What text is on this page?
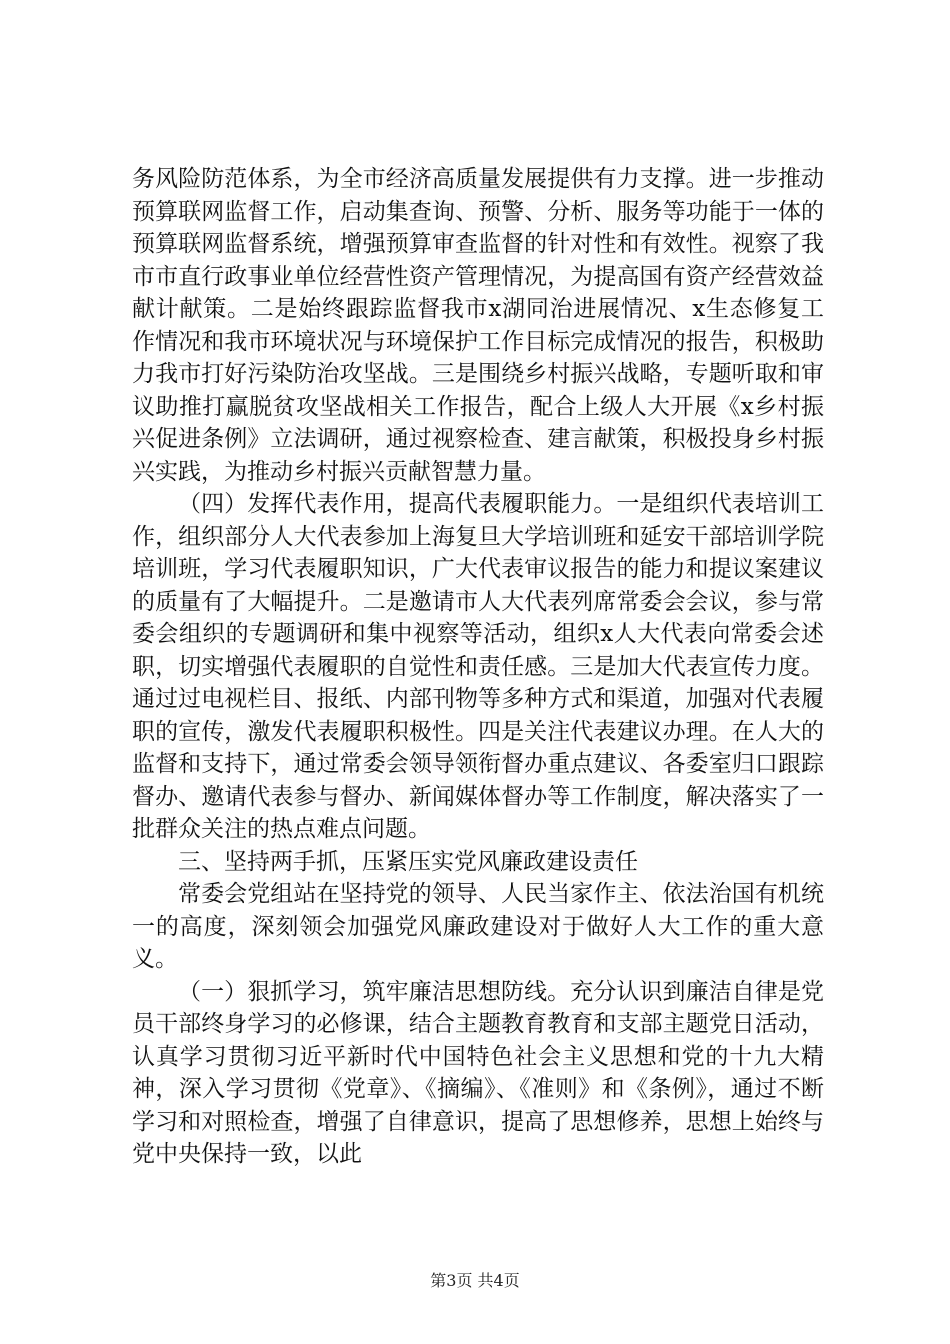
务风险防范体系，为全市经济高质量发展提供有力支撑。进一步推动预算联网监督工作，启动集查询、预警、分析、服务等功能于一体的预算联网监督系统，增强预算审查监督的针对性和有效性。视察了我市市直行政事业单位经营性资产管理情况，为提高国有资产经营效益献计献策。二是始终跟踪监督我市x湖同治进展情况、x生态修复工作情况和我市环境状况与环境保护工作目标完成情况的报告，积极助力我市打好污染防治攻坚战。三是围绕乡村振兴战略，专题听取和审议助推打赢脱贫攻坚战相关工作报告，配合上级人大开展《x乡村振兴促进条例》立法调研，通过视察检查、建言献策，积极投身乡村振兴实践，为推动乡村振兴贡献智慧力量。

（四）发挥代表作用，提高代表履职能力。一是组织代表培训工作，组织部分人大代表参加上海复旦大学培训班和延安干部培训学院培训班，学习代表履职知识，广大代表审议报告的能力和提议案建议的质量有了大幅提升。二是邀请市人大代表列席常委会会议，参与常委会组织的专题调研和集中视察等活动，组织x人大代表向常委会述职，切实增强代表履职的自觉性和责任感。三是加大代表宣传力度。通过过电视栏目、报纸、内部刊物等多种方式和渠道，加强对代表履职的宣传，激发代表履职积极性。四是关注代表建议办理。在人大的监督和支持下，通过常委会领导领衔督办重点建议、各委室归口跟踪督办、邀请代表参与督办、新闻媒体督办等工作制度，解决落实了一批群众关注的热点难点问题。

三、坚持两手抓，压紧压实党风廉政建设责任

常委会党组站在坚持党的领导、人民当家作主、依法治国有机统一的高度，深刻领会加强党风廉政建设对于做好人大工作的重大意义。

（一）狠抓学习，筑牢廉洁思想防线。充分认识到廉洁自律是党员干部终身学习的必修课，结合主题教育教育和支部主题党日活动，认真学习贯彻习近平新时代中国特色社会主义思想和党的十九大精神，深入学习贯彻《党章》、《摘编》、《准则》和《条例》，通过不断学习和对照检查，增强了自律意识，提高了思想修养，思想上始终与党中央保持一致，以此

第3页 共4页
